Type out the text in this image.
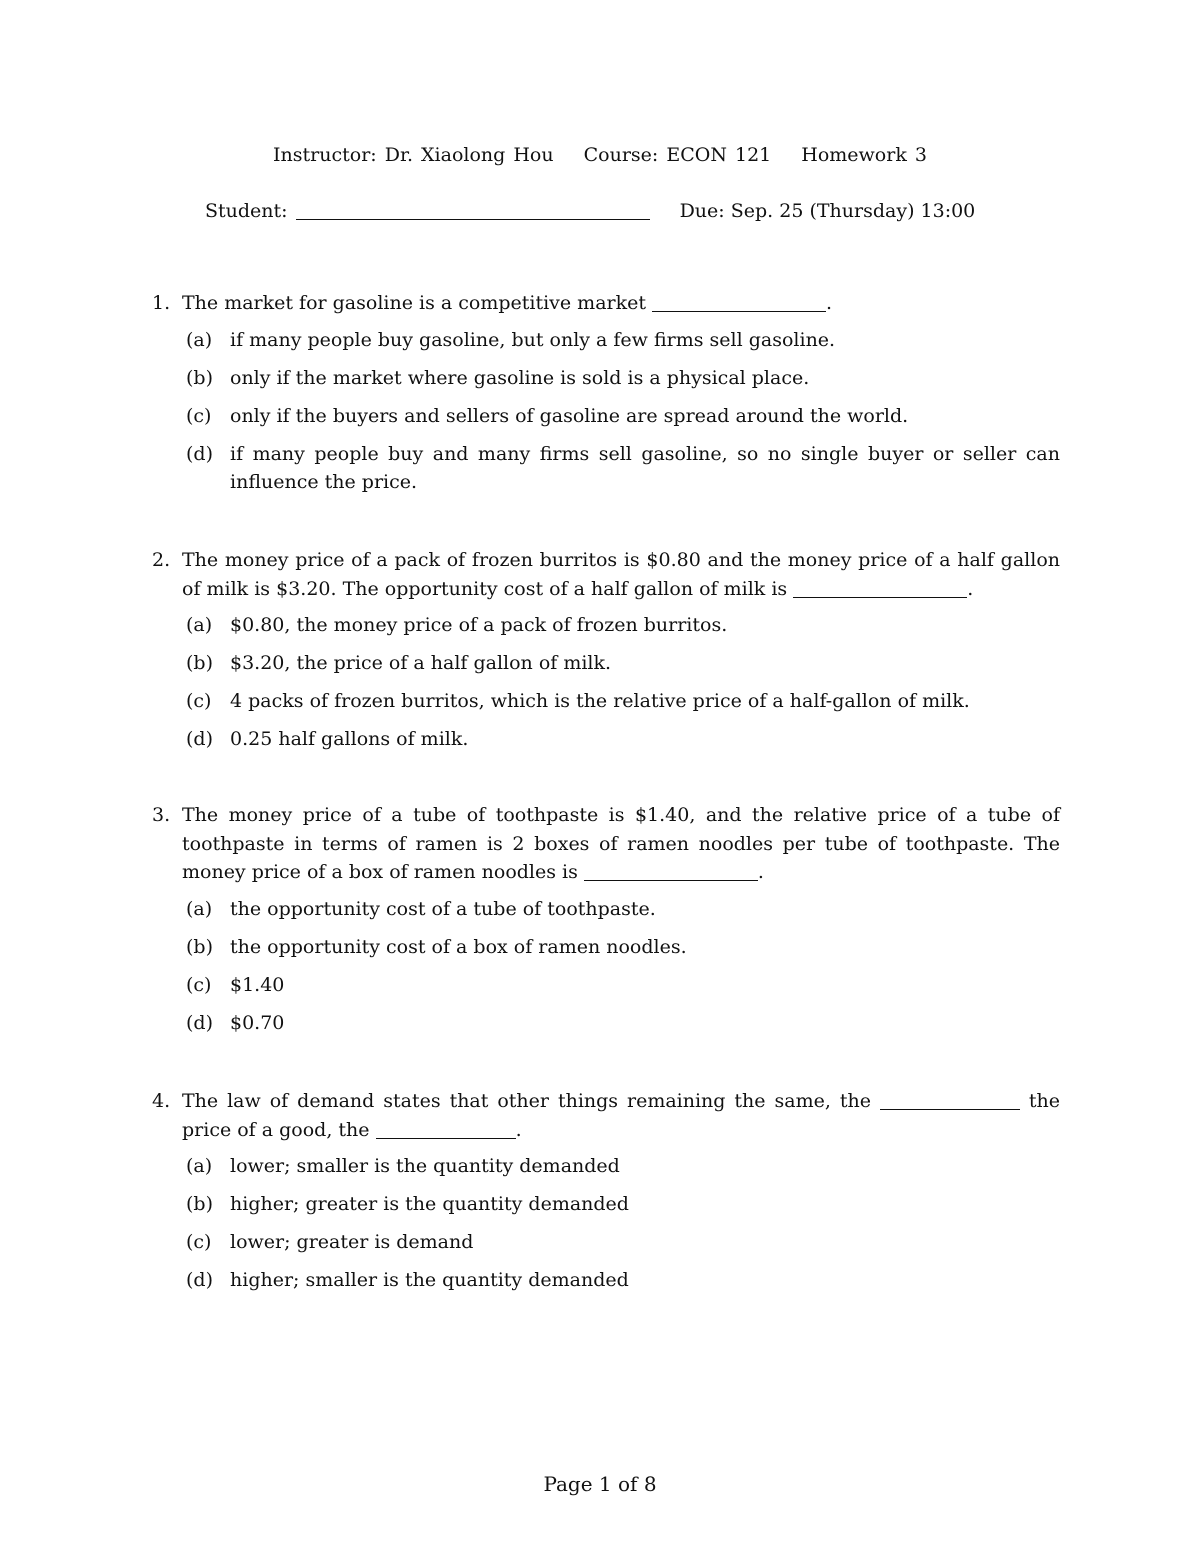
Instructor: Dr. Xiaolong Hou Course: ECON 121 Homework 3
Student:	Due: Sep. 25 (Thursday) 13:00
1. The market for gasoline is a competitive market	.
(a) if many people buy gasoline, but only a few firms sell gasoline.
(b) only if the market where gasoline is sold is a physical place.
(c) only if the buyers and sellers of gasoline are spread around the world.
(d) if many people buy and many firms sell gasoline, so no single buyer or seller can influence the price.
2. The money price of a pack of frozen burritos is $0.80 and the money price of a half gallon of milk is $3.20. The opportunity cost of a half gallon of milk is	.
(a) $0.80, the money price of a pack of frozen burritos.
(b) $3.20, the price of a half gallon of milk.
(c) 4 packs of frozen burritos, which is the relative price of a half-gallon of milk.
(d) 0.25 half gallons of milk.
3. The money price of a tube of toothpaste is $1.40, and the relative price of a tube of toothpaste in terms of ramen is 2 boxes of ramen noodles per tube of toothpaste. The money price of a box of ramen noodles is	.
(a) the opportunity cost of a tube of toothpaste.
(b) the opportunity cost of a box of ramen noodles.
(c) $1.40
(d) $0.70
4. The law of demand states that other things remaining the same, the	the price of a good, the	.
(a) lower; smaller is the quantity demanded
(b) higher; greater is the quantity demanded
(c) lower; greater is demand
(d) higher; smaller is the quantity demanded
Page 1 of 8
